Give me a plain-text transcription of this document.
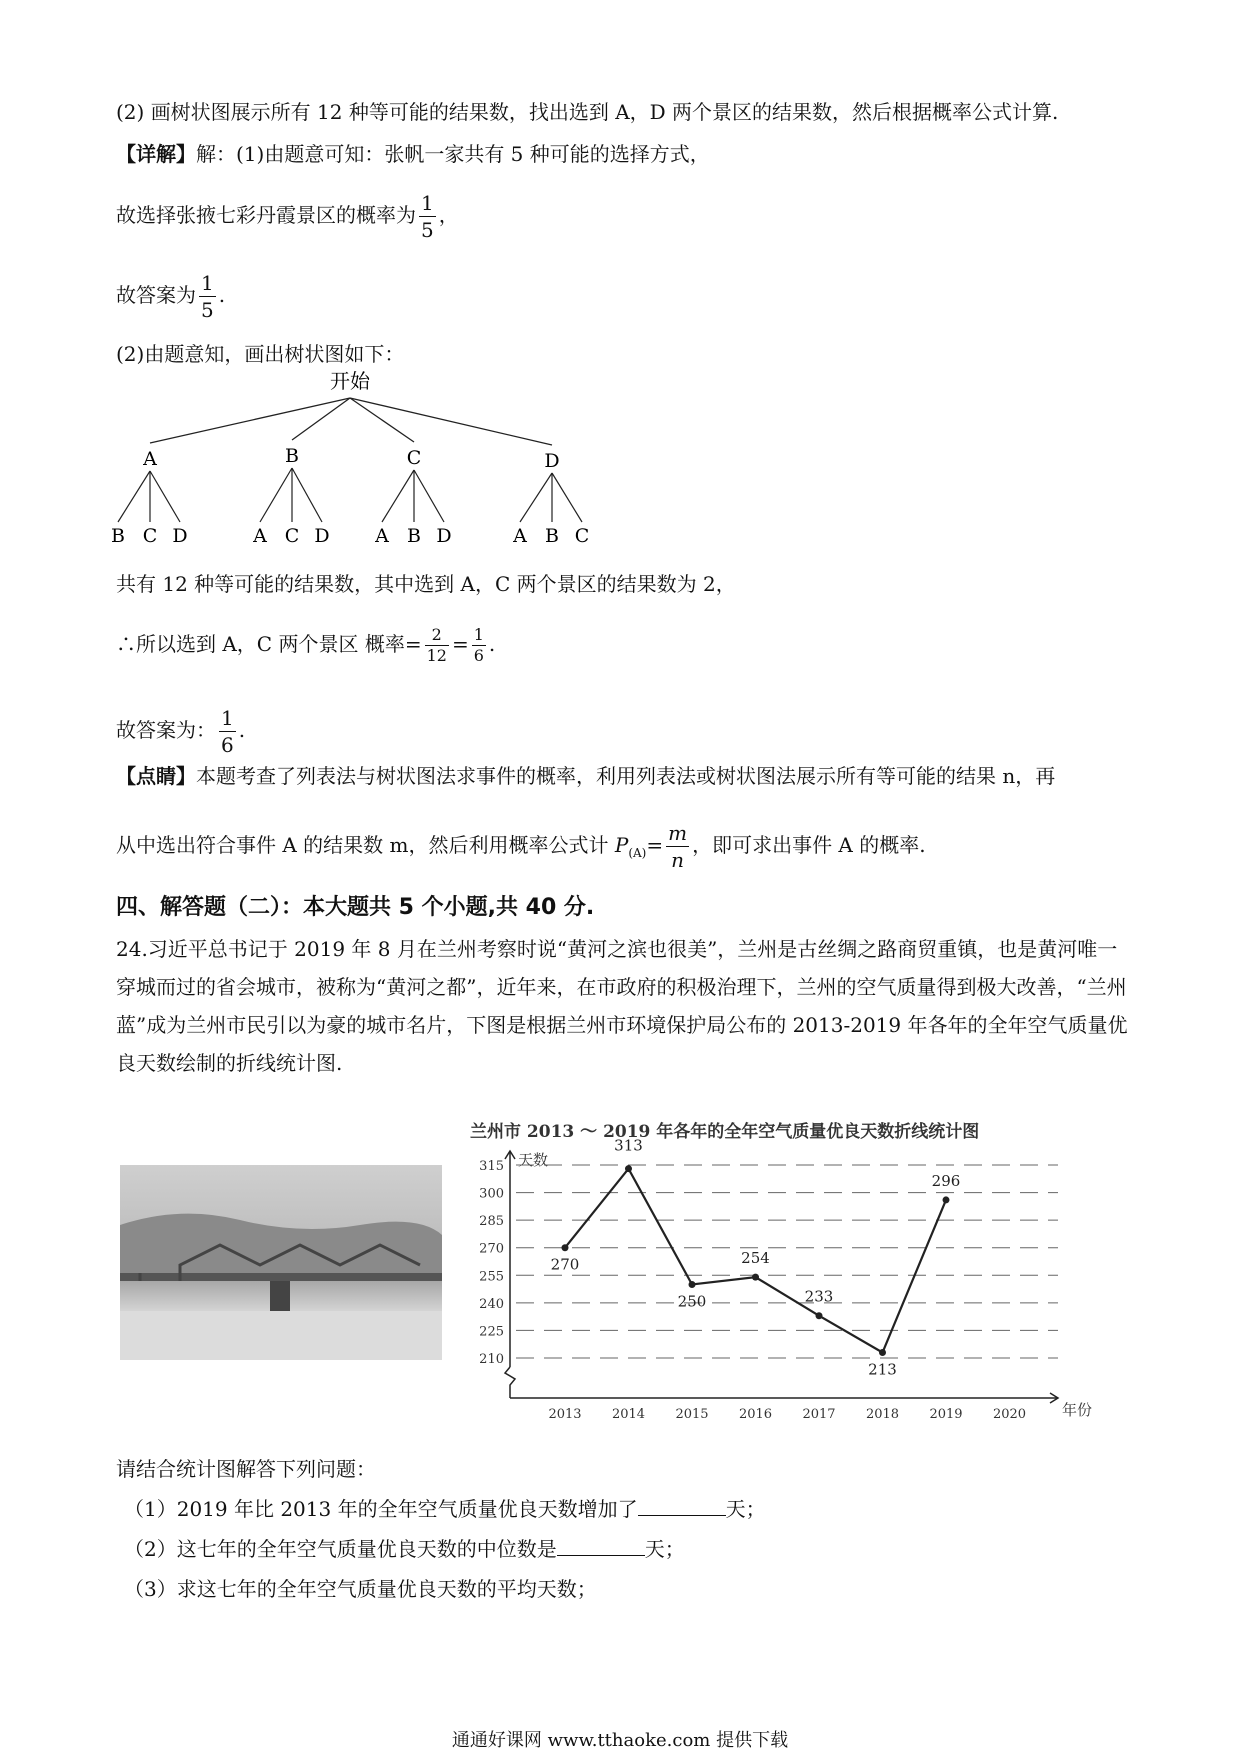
(2) 画树状图展示所有 12 种等可能的结果数，找出选到 A，D 两个景区的结果数，然后根据概率公式计算.
【详解】解：(1)由题意可知：张帆一家共有 5 种可能的选择方式，
故选择张掖七彩丹霞景区的概率为 $\frac{1}{5}$ ，
故答案为 $\frac{1}{5}$ .
(2)由题意知，画出树状图如下：
开始
A
B C D
B
A C D
C
A B D
D
A B C
共有 12 种等可能的结果数，其中选到 A，C 两个景区的结果数为 2，
∴所以选到 A，C 两个景区 概率= $\frac{2}{12} = \frac{1}{6}$ .
故答案为： $\frac{1}{6}$ .
【点睛】本题考查了列表法与树状图法求事件的概率，利用列表法或树状图法展示所有等可能的结果 n，再
从中选出符合事件 A 的结果数 m，然后利用概率公式计 $P_{(A)}= \frac{m}{n}$ ，即可求出事件 A 的概率.
四、解答题（二）：本大题共 5 个小题,共 40 分.
24.习近平总书记于 2019 年 8 月在兰州考察时说“黄河之滨也很美”，兰州是古丝绸之路商贸重镇，也是黄河唯一穿城而过的省会城市，被称为“黄河之都”，近年来，在市政府的积极治理下，兰州的空气质量得到极大改善，“兰州蓝”成为兰州市民引以为豪的城市名片，下图是根据兰州市环境保护局公布的 2013-2019 年各年的全年空气质量优良天数绘制的折线统计图.
兰州市 2013 ～ 2019 年各年的全年空气质量优良天数折线统计图
天数
年份
210
225
240
255
270
285
300
315
2013 2014 2015 2016 2017 2018 2019 2020
270
313
250
254
233
213
296
请结合统计图解答下列问题：
（1）2019 年比 2013 年的全年空气质量优良天数增加了	天；
（2）这七年的全年空气质量优良天数的中位数是	天；
（3）求这七年的全年空气质量优良天数的平均天数；
通通好课网 www.tthaoke.com 提供下载
